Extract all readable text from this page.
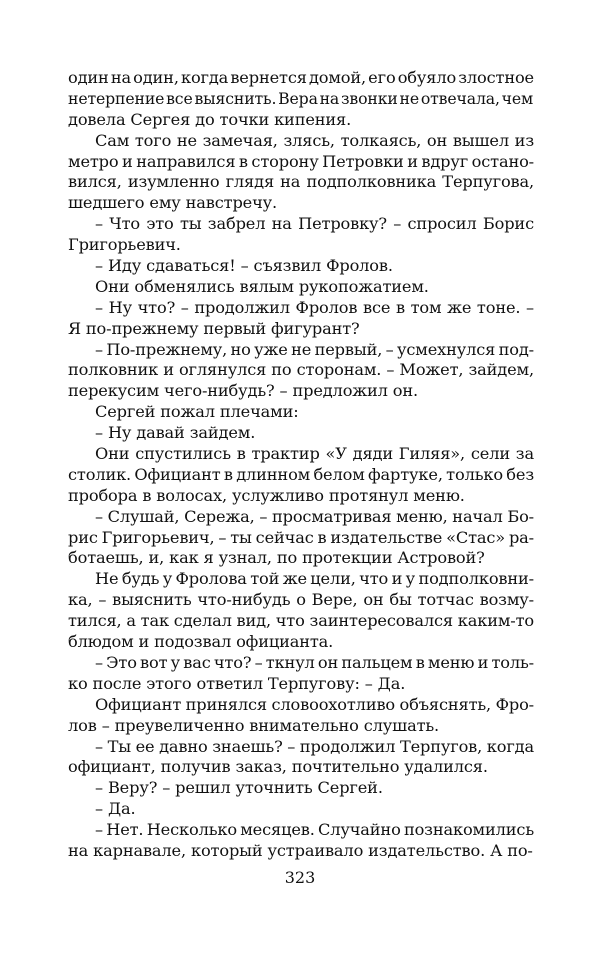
один на один, когда вернется домой, его обуяло злостное
нетерпение все выяснить. Вера на звонки не отвечала, чем
довела Сергея до точки кипения.
Сам того не замечая, злясь, толкаясь, он вышел из
метро и направился в сторону Петровки и вдруг остано-
вился, изумленно глядя на подполковника Терпугова,
шедшего ему навстречу.
– Что это ты забрел на Петровку? – спросил Борис
Григорьевич.
– Иду сдаваться! – съязвил Фролов.
Они обменялись вялым рукопожатием.
– Ну что? – продолжил Фролов все в том же тоне. –
Я по-прежнему первый фигурант?
– По-прежнему, но уже не первый, – усмехнулся под-
полковник и оглянулся по сторонам. – Может, зайдем,
перекусим чего-нибудь? – предложил он.
Сергей пожал плечами:
– Ну давай зайдем.
Они спустились в трактир «У дяди Гиляя», сели за
столик. Официант в длинном белом фартуке, только без
пробора в волосах, услужливо протянул меню.
– Слушай, Сережа, – просматривая меню, начал Бо-
рис Григорьевич, – ты сейчас в издательстве «Стас» ра-
ботаешь, и, как я узнал, по протекции Астровой?
Не будь у Фролова той же цели, что и у подполковни-
ка, – выяснить что-нибудь о Вере, он бы тотчас возму-
тился, а так сделал вид, что заинтересовался каким-то
блюдом и подозвал официанта.
– Это вот у вас что? – ткнул он пальцем в меню и толь-
ко после этого ответил Терпугову: – Да.
Официант принялся словоохотливо объяснять, Фро-
лов – преувеличенно внимательно слушать.
– Ты ее давно знаешь? – продолжил Терпугов, когда
официант, получив заказ, почтительно удалился.
– Веру? – решил уточнить Сергей.
– Да.
– Нет. Несколько месяцев. Случайно познакомились
на карнавале, который устраивало издательство. А по-
323
